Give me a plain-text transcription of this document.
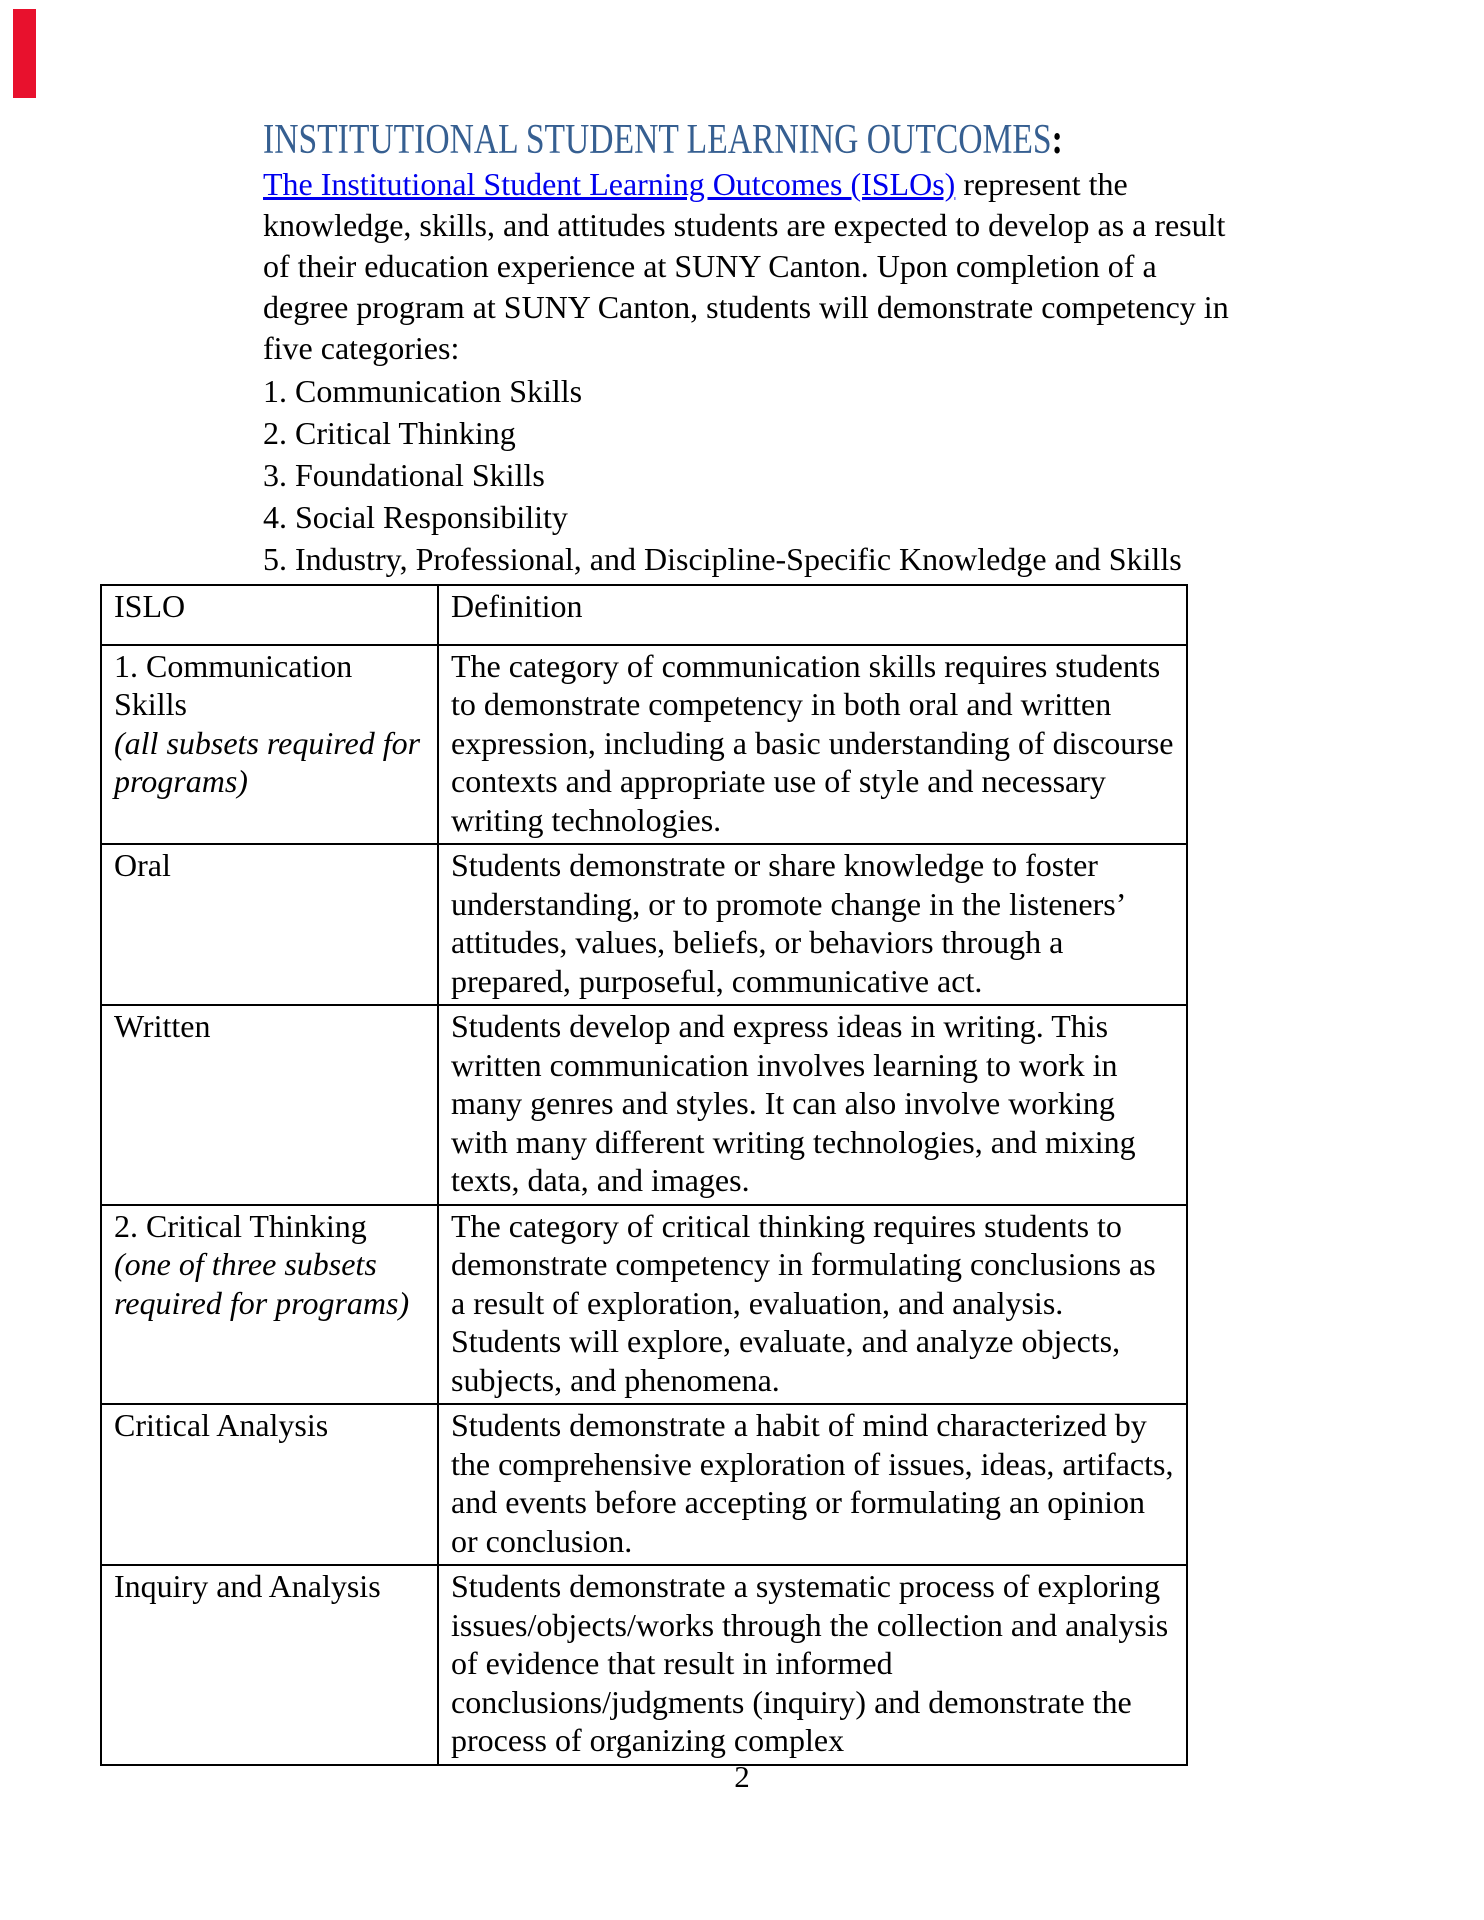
INSTITUTIONAL STUDENT LEARNING OUTCOMES:
The Institutional Student Learning Outcomes (ISLOs) represent the
knowledge, skills, and attitudes students are expected to develop as a result
of their education experience at SUNY Canton. Upon completion of a
degree program at SUNY Canton, students will demonstrate competency in
five categories:
1. Communication Skills
2. Critical Thinking
3. Foundational Skills
4. Social Responsibility
5. Industry, Professional, and Discipline-Specific Knowledge and Skills
ISLO	Definition

1. Communication Skills
(all subsets required for programs)	The category of communication skills requires students to demonstrate competency in both oral and written expression, including a basic understanding of discourse contexts and appropriate use of style and necessary writing technologies.

Oral	Students demonstrate or share knowledge to foster understanding, or to promote change in the listeners’ attitudes, values, beliefs, or behaviors through a prepared, purposeful, communicative act.

Written	Students develop and express ideas in writing. This written communication involves learning to work in many genres and styles. It can also involve working with many different writing technologies, and mixing texts, data, and images.

2. Critical Thinking
(one of three subsets required for programs)	The category of critical thinking requires students to demonstrate competency in formulating conclusions as a result of exploration, evaluation, and analysis. Students will explore, evaluate, and analyze objects, subjects, and phenomena.

Critical Analysis	Students demonstrate a habit of mind characterized by the comprehensive exploration of issues, ideas, artifacts, and events before accepting or formulating an opinion or conclusion.

Inquiry and Analysis	Students demonstrate a systematic process of exploring issues/objects/works through the collection and analysis of evidence that result in informed conclusions/judgments (inquiry) and demonstrate the process of organizing complex
2
